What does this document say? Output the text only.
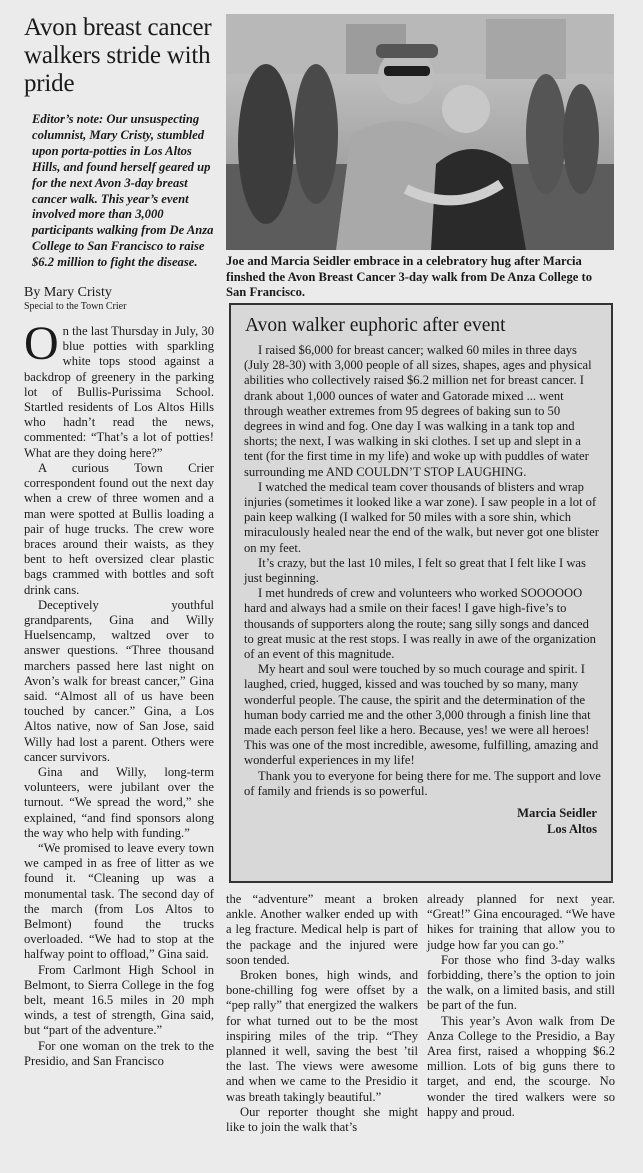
Avon breast cancer walkers stride with pride

Editor’s note: Our unsuspecting columnist, Mary Cristy, stumbled upon porta-potties in Los Altos Hills, and found herself geared up for the next Avon 3-day breast cancer walk. This year’s event involved more than 3,000 participants walking from De Anza College to San Francisco to raise $6.2 million to fight the disease.

By Mary Cristy
Special to the Town Crier

On the last Thursday in July, 30 blue potties with sparkling white tops stood against a backdrop of greenery in the parking lot of Bullis-Purissima School. Startled residents of Los Altos Hills who hadn’t read the news, commented: “That’s a lot of potties! What are they doing here?”

A curious Town Crier correspondent found out the next day when a crew of three women and a man were spotted at Bullis loading a pair of huge trucks. The crew wore braces around their waists, as they bent to heft oversized clear plastic bags crammed with bottles and soft drink cans.

Deceptively youthful grandparents, Gina and Willy Huelsencamp, waltzed over to answer questions. “Three thousand marchers passed here last night on Avon’s walk for breast cancer,” Gina said. “Almost all of us have been touched by cancer.” Gina, a Los Altos native, now of San Jose, said Willy had lost a parent. Others were cancer survivors.

Gina and Willy, long-term volunteers, were jubilant over the turnout. “We spread the word,” she explained, “and find sponsors along the way who help with funding.”

“We promised to leave every town we camped in as free of litter as we found it. “Cleaning up was a monumental task. The second day of the march (from Los Altos to Belmont) found the trucks overloaded. “We had to stop at the halfway point to offload,” Gina said.

From Carlmont High School in Belmont, to Sierra College in the fog belt, meant 16.5 miles in 20 mph winds, a test of strength, Gina said, but “part of the adventure.”

For one woman on the trek to the Presidio, and San Francisco

Joe and Marcia Seidler embrace in a celebratory hug after Marcia finshed the Avon Breast Cancer 3-day walk from De Anza College to San Francisco.

Avon walker euphoric after event

I raised $6,000 for breast cancer; walked 60 miles in three days (July 28-30) with 3,000 people of all sizes, shapes, ages and physical abilities who collectively raised $6.2 million net for breast cancer. I drank about 1,000 ounces of water and Gatorade mixed ... went through weather extremes from 95 degrees of baking sun to 50 degrees in wind and fog. One day I was walking in a tank top and shorts; the next, I was walking in ski clothes. I set up and slept in a tent (for the first time in my life) and woke up with puddles of water surrounding me AND COULDN’T STOP LAUGHING.

I watched the medical team cover thousands of blisters and wrap injuries (sometimes it looked like a war zone). I saw people in a lot of pain keep walking (I walked for 50 miles with a sore shin, which miraculously healed near the end of the walk, but never got one blister on my feet.

It’s crazy, but the last 10 miles, I felt so great that I felt like I was just beginning.

I met hundreds of crew and volunteers who worked SOOOOOO hard and always had a smile on their faces! I gave high-five’s to thousands of supporters along the route; sang silly songs and danced to great music at the rest stops. I was really in awe of the organization of an event of this magnitude.

My heart and soul were touched by so much courage and spirit. I laughed, cried, hugged, kissed and was touched by so many, many wonderful people. The cause, the spirit and the determination of the human body carried me and the other 3,000 through a finish line that made each person feel like a hero. Because, yes! we were all heroes! This was one of the most incredible, awesome, fulfilling, amazing and wonderful experiences in my life!

Thank you to everyone for being there for me. The support and love of family and friends is so powerful.

Marcia Seidler
Los Altos

the “adventure” meant a broken ankle. Another walker ended up with a leg fracture. Medical help is part of the package and the injured were soon tended.

Broken bones, high winds, and bone-chilling fog were offset by a “pep rally” that energized the walkers for what turned out to be the most inspiring miles of the trip. “They planned it well, saving the best ’til the last. The views were awesome and when we came to the Presidio it was breath takingly beautiful.”

Our reporter thought she might like to join the walk that’s

already planned for next year. “Great!” Gina encouraged. “We have hikes for training that allow you to judge how far you can go.”

For those who find 3-day walks forbidding, there’s the option to join the walk, on a limited basis, and still be part of the fun.

This year’s Avon walk from De Anza College to the Presidio, a Bay Area first, raised a whopping $6.2 million. Lots of big guns there to target, and end, the scourge. No wonder the tired walkers were so happy and proud.
